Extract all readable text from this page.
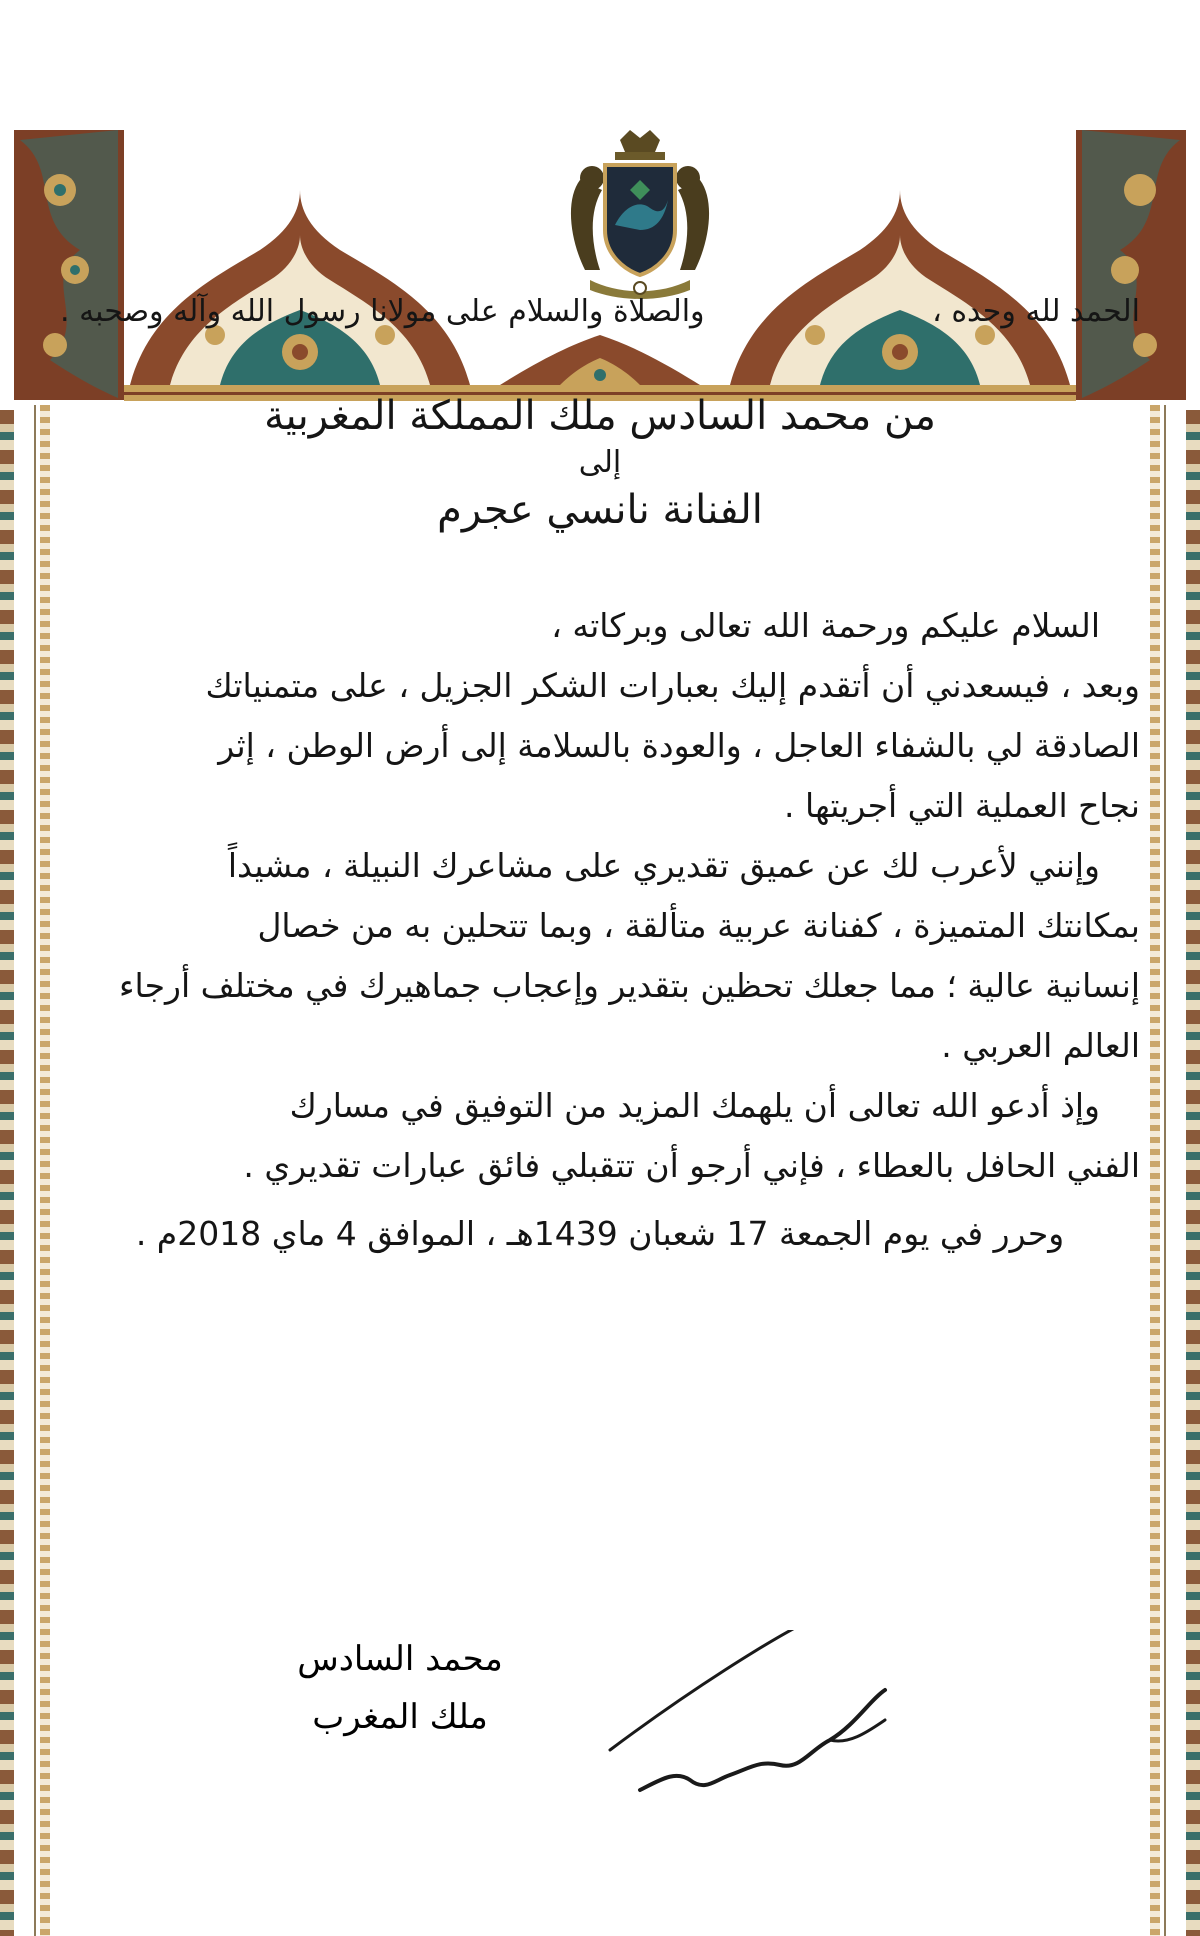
الحمد لله وحده ،
والصلاة والسلام على مولانا رسول الله وآله وصحبه .
من محمد السادس ملك المملكة المغربية
إلى
الفنانة نانسي عجرم
السلام عليكم ورحمة الله تعالى وبركاته ،
وبعد ، فيسعدني أن أتقدم إليك بعبارات الشكر الجزيل ، على متمنياتك
الصادقة لي بالشفاء العاجل ، والعودة بالسلامة إلى أرض الوطن ، إثر
نجاح العملية التي أجريتها .
وإنني لأعرب لك عن عميق تقديري على مشاعرك النبيلة ، مشيداً
بمكانتك المتميزة ، كفنانة عربية متألقة ، وبما تتحلين به من خصال
إنسانية عالية ؛ مما جعلك تحظين بتقدير وإعجاب جماهيرك في مختلف أرجاء
العالم العربي .
وإذ أدعو الله تعالى أن يلهمك المزيد من التوفيق في مسارك
الفني الحافل بالعطاء ، فإني أرجو أن تتقبلي فائق عبارات تقديري .
وحرر في يوم الجمعة 17 شعبان 1439هـ ، الموافق 4 ماي 2018م .
محمد السادس
ملك المغرب
